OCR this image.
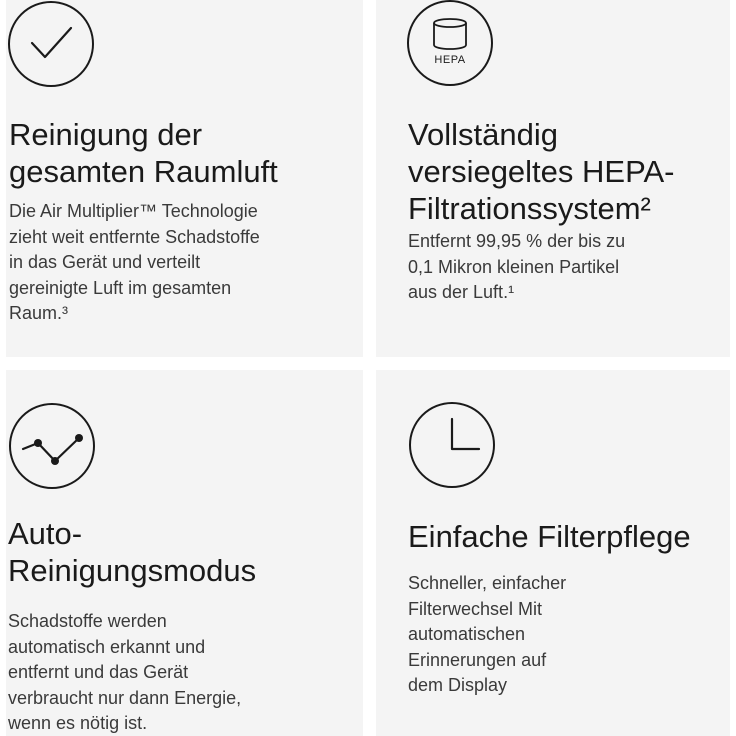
Reinigung der
gesamten Raumluft

Die Air Multiplier™ Technologie
zieht weit entfernte Schadstoffe
in das Gerät und verteilt
gereinigte Luft im gesamten
Raum.³

HEPA
Vollständig
versiegeltes HEPA-
Filtrationssystem²

Entfernt 99,95 % der bis zu
0,1 Mikron kleinen Partikel
aus der Luft.¹

Auto-
Reinigungsmodus

Schadstoffe werden
automatisch erkannt und
entfernt und das Gerät
verbraucht nur dann Energie,
wenn es nötig ist.

Einfache Filterpflege

Schneller, einfacher
Filterwechsel Mit
automatischen
Erinnerungen auf
dem Display
